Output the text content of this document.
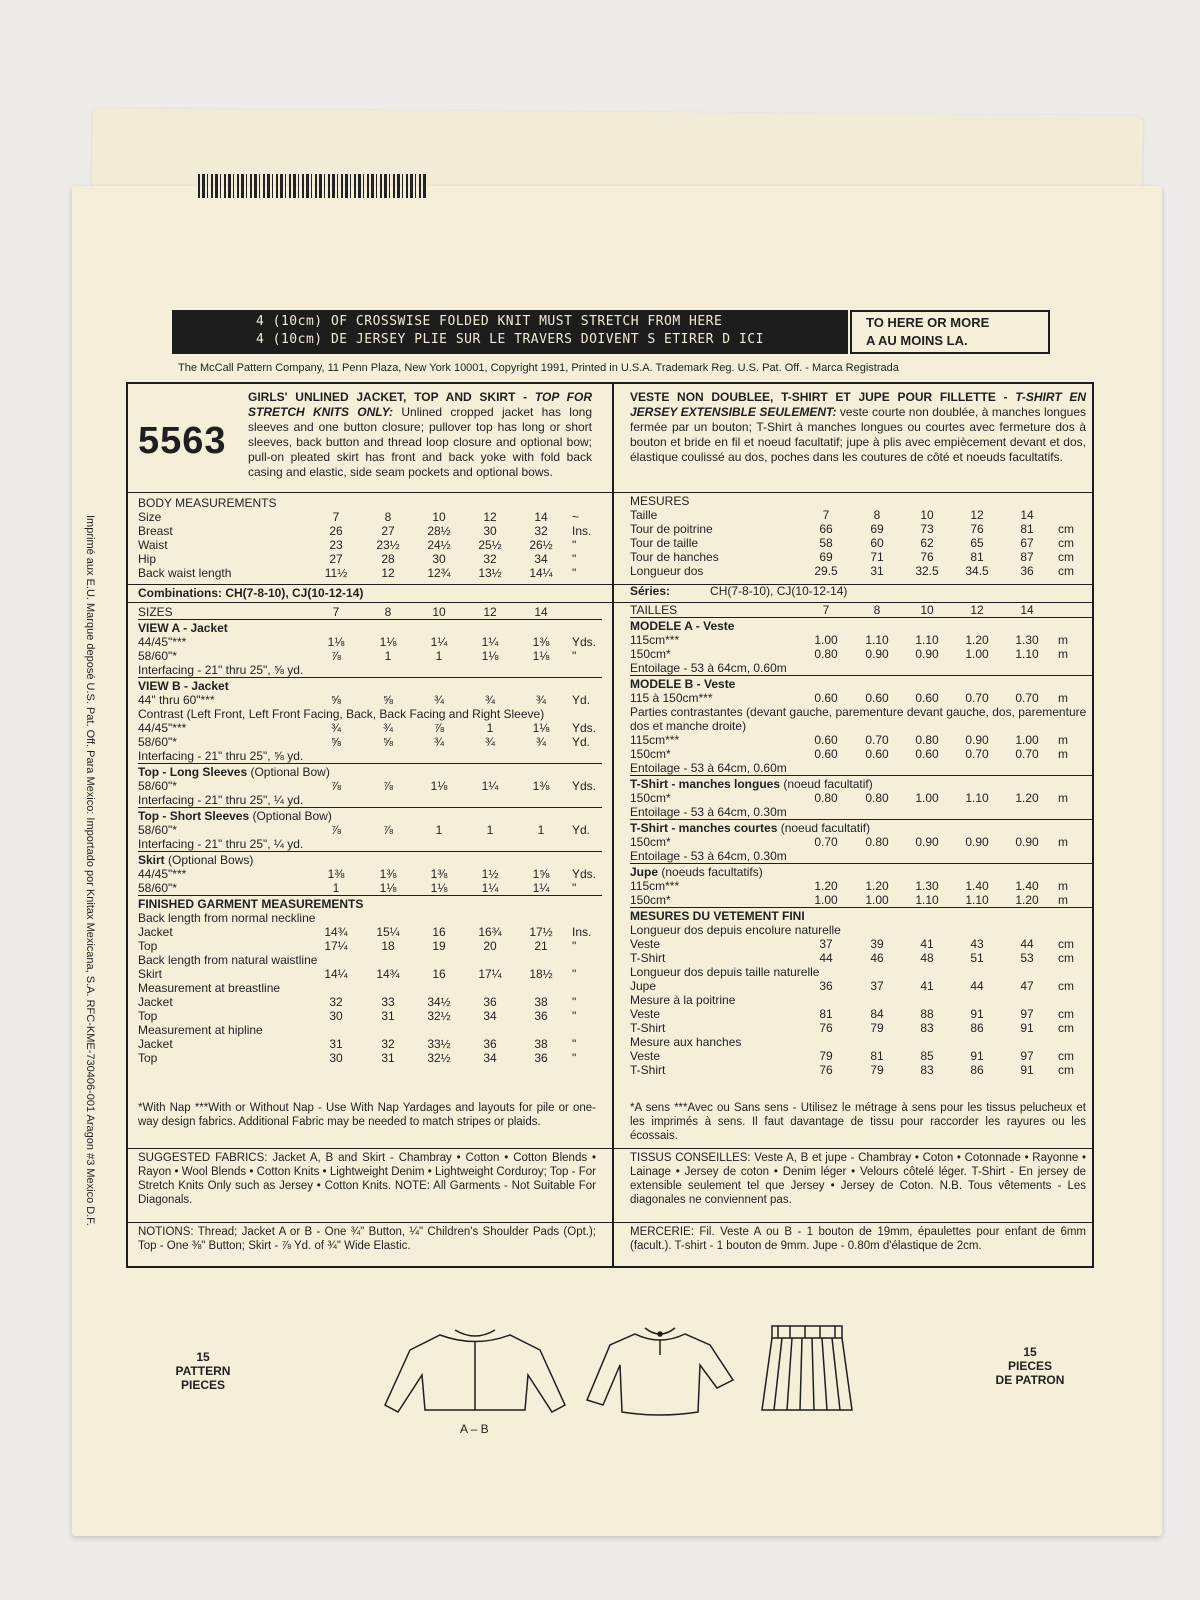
4 (10cm) OF CROSSWISE FOLDED KNIT MUST STRETCH FROM HERE
4 (10cm) DE JERSEY PLIE SUR LE TRAVERS DOIVENT S ETIRER D ICI
TO HERE OR MORE
A AU MOINS LA.
The McCall Pattern Company, 11 Penn Plaza, New York 10001, Copyright 1991, Printed in U.S.A. Trademark Reg. U.S. Pat. Off. - Marca Registrada
5563
GIRLS' UNLINED JACKET, TOP AND SKIRT - TOP FOR STRETCH KNITS ONLY: Unlined cropped jacket has long sleeves and one button closure; pullover top has long or short sleeves, back button and thread loop closure and optional bow; pull-on pleated skirt has front and back yoke with fold back casing and elastic, side seam pockets and optional bows.
VESTE NON DOUBLEE, T-SHIRT ET JUPE POUR FILLETTE - T-SHIRT EN JERSEY EXTENSIBLE SEULEMENT: veste courte non doublée, à manches longues fermée par un bouton; T-Shirt à manches longues ou courtes avec fermeture dos à bouton et bride en fil et noeud facultatif; jupe à plis avec empiècement devant et dos, élastique coulissé au dos, poches dans les coutures de côté et noeuds facultatifs.
BODY MEASUREMENTS	MESURES
Size	7	8	10	12	14	~
Breast	26	27	28½	30	32	Ins.
Waist	23	23½	24½	25½	26½	"
Hip	27	28	30	32	34	"
Back waist length	11½	12	12¾	13½	14¼	"
Taille	7	8	10	12	14	
Tour de poitrine	66	69	73	76	81	cm
Tour de taille	58	60	62	65	67	cm
Tour de hanches	69	71	76	81	87	cm
Longueur dos	29.5	31	32.5	34.5	36	cm
Combinations: CH(7-8-10), CJ(10-12-14)	Séries:	CH(7-8-10), CJ(10-12-14)
SIZES	7	8	10	12	14	

VIEW A - Jacket						
44/45"***	1⅛	1⅛	1¼	1¼	1⅜	Yds.
58/60"*	⅞	1	1	1⅛	1⅛	"
Interfacing - 21" thru 25", ⅝ yd.						

VIEW B - Jacket						
44" thru 60"***	⅝	⅝	¾	¾	¾	Yd.
Contrast (Left Front, Left Front Facing, Back, Back Facing and Right Sleeve)						
44/45"***	¾	¾	⅞	1	1⅛	Yds.
58/60"*	⅝	⅝	¾	¾	¾	Yd.
Interfacing - 21" thru 25", ⅝ yd.						

Top - Long Sleeves (Optional Bow)						
58/60"*	⅞	⅞	1⅛	1¼	1⅜	Yds.
Interfacing - 21" thru 25", ¼ yd.						

Top - Short Sleeves (Optional Bow)						
58/60"*	⅞	⅞	1	1	1	Yd.
Interfacing - 21" thru 25", ¼ yd.						

Skirt (Optional Bows)						
44/45"***	1⅜	1⅜	1⅜	1½	1⅝	Yds.
58/60"*	1	1⅛	1⅛	1¼	1¼	"

FINISHED GARMENT MEASUREMENTS						
Back length from normal neckline						
Jacket	14¾	15¼	16	16¾	17½	Ins.
Top	17¼	18	19	20	21	"
Back length from natural waistline						
Skirt	14¼	14¾	16	17¼	18½	"
Measurement at breastline						
Jacket	32	33	34½	36	38	"
Top	30	31	32½	34	36	"
Measurement at hipline						
Jacket	31	32	33½	36	38	"
Top	30	31	32½	34	36	"
TAILLES	7	8	10	12	14	

MODELE A - Veste						
115cm***	1.00	1.10	1.10	1.20	1.30	m
150cm*	0.80	0.90	0.90	1.00	1.10	m
Entoilage - 53 à 64cm, 0.60m						

MODELE B - Veste						
115 à 150cm***	0.60	0.60	0.60	0.70	0.70	m
Parties contrastantes (devant gauche, parementure devant gauche, dos, parementure dos et manche droite)						
115cm***	0.60	0.70	0.80	0.90	1.00	m
150cm*	0.60	0.60	0.60	0.70	0.70	m
Entoilage - 53 à 64cm, 0.60m						

T-Shirt - manches longues (noeud facultatif)						
150cm*	0.80	0.80	1.00	1.10	1.20	m
Entoilage - 53 à 64cm, 0.30m						

T-Shirt - manches courtes (noeud facultatif)						
150cm*	0.70	0.80	0.90	0.90	0.90	m
Entoilage - 53 à 64cm, 0.30m						

Jupe (noeuds facultatifs)						
115cm***	1.20	1.20	1.30	1.40	1.40	m
150cm*	1.00	1.00	1.10	1.10	1.20	m

MESURES DU VETEMENT FINI						
Longueur dos depuis encolure naturelle						
Veste	37	39	41	43	44	cm
T-Shirt	44	46	48	51	53	cm
Longueur dos depuis taille naturelle						
Jupe	36	37	41	44	47	cm
Mesure à la poitrine						
Veste	81	84	88	91	97	cm
T-Shirt	76	79	83	86	91	cm
Mesure aux hanches						
Veste	79	81	85	91	97	cm
T-Shirt	76	79	83	86	91	cm
*With Nap ***With or Without Nap - Use With Nap Yardages and layouts for pile or one-way design fabrics. Additional Fabric may be needed to match stripes or plaids.
*A sens ***Avec ou Sans sens - Utilisez le métrage à sens pour les tissus pelucheux et les imprimés à sens. Il faut davantage de tissu pour raccorder les rayures ou les écossais.
SUGGESTED FABRICS: Jacket A, B and Skirt - Chambray • Cotton • Cotton Blends • Rayon • Wool Blends • Cotton Knits • Lightweight Denim • Lightweight Corduroy; Top - For Stretch Knits Only such as Jersey • Cotton Knits. NOTE: All Garments - Not Suitable For Diagonals.
TISSUS CONSEILLES: Veste A, B et jupe - Chambray • Coton • Cotonnade • Rayonne • Lainage • Jersey de coton • Denim léger • Velours côtelé léger. T-Shirt - En jersey de extensible seulement tel que Jersey • Jersey de Coton. N.B. Tous vêtements - Les diagonales ne conviennent pas.
NOTIONS: Thread; Jacket A or B - One ¾" Button, ¼" Children's Shoulder Pads (Opt.); Top - One ⅜" Button; Skirt - ⅞ Yd. of ¾" Wide Elastic.
MERCERIE: Fil. Veste A ou B - 1 bouton de 19mm, épaulettes pour enfant de 6mm (facult.). T-shirt - 1 bouton de 9mm. Jupe - 0.80m d'élastique de 2cm.
Imprimé aux E.U. Marque deposé U.S. Pat. Off. Para Mexico: Importado por Knitax Mexicana, S.A. RFC-KME-730406-001 Aragon #3 Mexico D.F.
15
PATTERN
PIECES
15
PIECES
DE PATRON
A – B
